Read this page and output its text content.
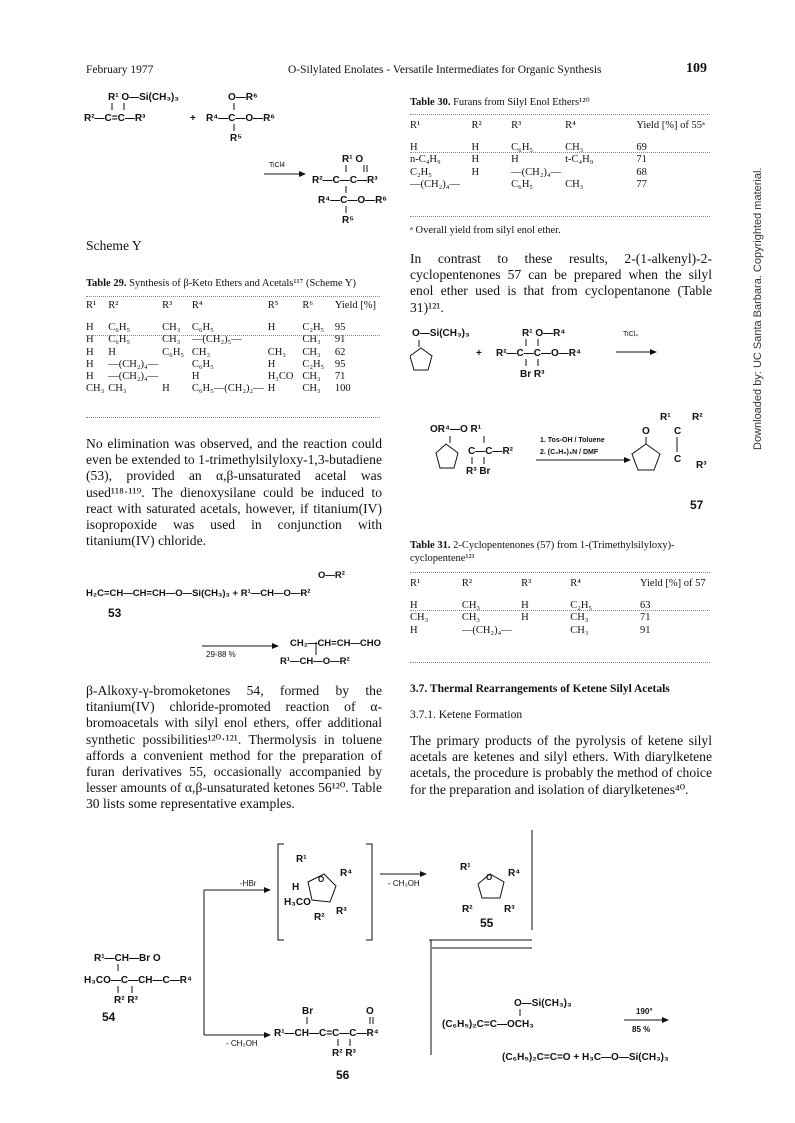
February 1977	O-Silylated Enolates - Versatile Intermediates for Organic Synthesis	109
Downloaded by: UC Santa Barbara. Copyrighted material.
R¹ O—Si(CH₃)₃
R²—C=C—R³	+
O—R⁶
R⁴—C—O—R⁶
R⁵
TiCl4
R¹ O
R²—C—C—R³
R⁴—C—O—R⁶
R⁵
Scheme Y
Table 29. Synthesis of β-Keto Ethers and Acetals¹¹⁷ (Scheme Y)
R¹	R²	R³	R⁴	R⁵	R⁶	Yield [%]

H	C₆H₅	CH₃	C₆H₅	H	C₂H₅	95
H	C₆H₅	CH₃	—(CH₂)₅—		CH₃	91
H	H	C₆H₅	CH₃	CH₃	CH₃	62
H	—(CH₂)₄—		C₆H₅	H	C₂H₅	95
H	—(CH₂)₄—		H	H₃CO	CH₃	71
CH₃	CH₃	H	C₆H₅—(CH₂)₂—	H	CH₃	100
No elimination was observed, and the reaction could even be extended to 1-trimethylsilyloxy-1,3-butadiene (53), provided an α,β-unsaturated acetal was used¹¹⁸·¹¹⁹. The dienoxysilane could be induced to react with saturated acetals, however, if titanium(IV) isopropoxide was used in conjunction with titanium(IV) chloride.
O—R²
H₂C=CH—CH=CH—O—Si(CH₃)₃ + R¹—CH—O—R²
53
29-88 %
CH₂—CH=CH—CHO
R¹—CH—O—R²
β-Alkoxy-γ-bromoketones 54, formed by the titanium(IV) chloride-promoted reaction of α-bromoacetals with silyl enol ethers, offer additional synthetic possibilities¹²⁰·¹²¹. Thermolysis in toluene affords a convenient method for the preparation of furan derivatives 55, occasionally accompanied by lesser amounts of α,β-unsaturated ketones 56¹²⁰. Table 30 lists some representative examples.
Table 30. Furans from Silyl Enol Ethers¹²⁰
R¹	R²	R³	R⁴	Yield [%] of 55ᵃ

H	H	C₆H₅	CH₃	69
n-C₄H₉	H	H	t-C₄H₉	71
C₂H₅	H	—(CH₂)₄—		68
—(CH₂)₄—		C₆H₅	CH₃	77
ᵃ Overall yield from silyl enol ether.
In contrast to these results, 2-(1-alkenyl)-2-cyclopentenones 57 can be prepared when the silyl enol ether used is that from cyclopentanone (Table 31)¹²¹.
O—Si(CH₃)₃
+
R¹ O—R⁴
R²—C—C—O—R⁴
Br R³
TiCl₄
OR⁴—O R¹
C—C—R²
R³ Br
1. Tos-OH / Toluene
2. (C₂H₅)₃N / DMF
R¹ R²
O C
C
R³
57
Table 31. 2-Cyclopentenones (57) from 1-(Trimethylsilyloxy)-cyclopentene¹²¹
R¹	R²	R³	R⁴	Yield [%] of 57

H	CH₃	H	C₂H₅	63
CH₃	CH₃	H	CH₃	71
H	—(CH₂)₄—		CH₃	91
3.7. Thermal Rearrangements of Ketene Silyl Acetals
3.7.1. Ketene Formation
The primary products of the pyrolysis of ketene silyl acetals are ketenes and silyl ethers. With diarylketene acetals, the procedure is probably the method of choice for the preparation and isolation of diarylketenes⁴⁰.
R¹—CH—Br O
H₃CO—C—CH—C—R⁴
R² R³
R¹
O
R⁴
H
H₃CO
R²
R³
R¹
O R⁴
R²	R³
Br	O
R¹—CH—C=C—C—R⁴
R² R³
O—Si(CH₃)₃
(C₆H₅)₂C=C—OCH₃
190°
85 %
(C₆H₅)₂C=C=O + H₃C—O—Si(CH₃)₃
-HBr	- CH₃OH
- CH₃OH
54
55
56
